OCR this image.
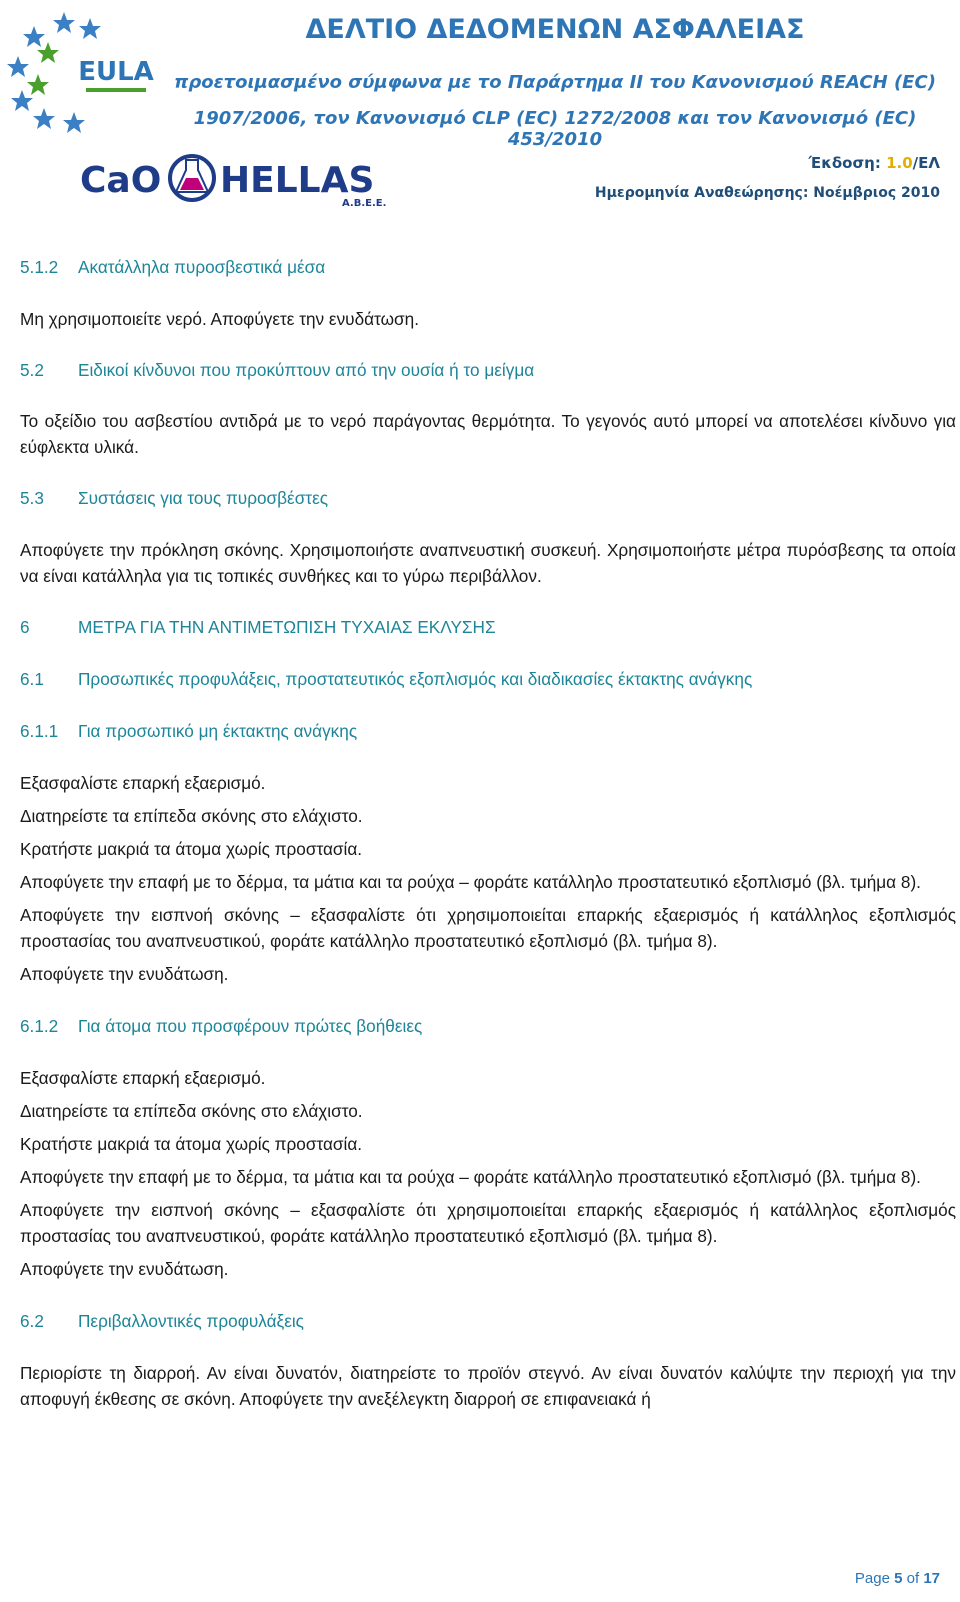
EULA
ΔΕΛΤΙΟ ΔΕΔΟΜΕΝΩΝ ΑΣΦΑΛΕΙΑΣ
προετοιμασμένο σύμφωνα με το Παράρτημα II του Κανονισμού REACH (EC)
1907/2006, τον Κανονισμό CLP (EC) 1272/2008 και τον Κανονισμό (EC) 453/2010
CaO HELLAS
A.B.E.E.
Έκδοση: 1.0/ΕΛ
Ημερομηνία Αναθεώρησης: Νοέμβριος 2010

5.1.2 Ακατάλληλα πυροσβεστικά μέσα

Μη χρησιμοποιείτε νερό. Αποφύγετε την ενυδάτωση.

5.2 Ειδικοί κίνδυνοι που προκύπτουν από την ουσία ή το μείγμα

Το οξείδιο του ασβεστίου αντιδρά με το νερό παράγοντας θερμότητα. Το γεγονός αυτό μπορεί να αποτελέσει κίνδυνο για εύφλεκτα υλικά.

5.3 Συστάσεις για τους πυροσβέστες

Αποφύγετε την πρόκληση σκόνης. Χρησιμοποιήστε αναπνευστική συσκευή. Χρησιμοποιήστε μέτρα πυρόσβεσης τα οποία να είναι κατάλληλα για τις τοπικές συνθήκες και το γύρω περιβάλλον.

6	ΜΕΤΡΑ ΓΙΑ ΤΗΝ ΑΝΤΙΜΕΤΩΠΙΣΗ ΤΥΧΑΙΑΣ ΕΚΛΥΣΗΣ

6.1 Προσωπικές προφυλάξεις, προστατευτικός εξοπλισμός και διαδικασίες έκτακτης ανάγκης

6.1.1 Για προσωπικό μη έκτακτης ανάγκης

Εξασφαλίστε επαρκή εξαερισμό.

Διατηρείστε τα επίπεδα σκόνης στο ελάχιστο.

Κρατήστε μακριά τα άτομα χωρίς προστασία.

Αποφύγετε την επαφή με το δέρμα, τα μάτια και τα ρούχα – φοράτε κατάλληλο προστατευτικό εξοπλισμό (βλ. τμήμα 8).

Αποφύγετε την εισπνοή σκόνης – εξασφαλίστε ότι χρησιμοποιείται επαρκής εξαερισμός ή κατάλληλος εξοπλισμός προστασίας του αναπνευστικού, φοράτε κατάλληλο προστατευτικό εξοπλισμό (βλ. τμήμα 8).

Αποφύγετε την ενυδάτωση.

6.1.2 Για άτομα που προσφέρουν πρώτες βοήθειες

Εξασφαλίστε επαρκή εξαερισμό.

Διατηρείστε τα επίπεδα σκόνης στο ελάχιστο.

Κρατήστε μακριά τα άτομα χωρίς προστασία.

Αποφύγετε την επαφή με το δέρμα, τα μάτια και τα ρούχα – φοράτε κατάλληλο προστατευτικό εξοπλισμό (βλ. τμήμα 8).

Αποφύγετε την εισπνοή σκόνης – εξασφαλίστε ότι χρησιμοποιείται επαρκής εξαερισμός ή κατάλληλος εξοπλισμός προστασίας του αναπνευστικού, φοράτε κατάλληλο προστατευτικό εξοπλισμό (βλ. τμήμα 8).

Αποφύγετε την ενυδάτωση.

6.2 Περιβαλλοντικές προφυλάξεις

Περιορίστε τη διαρροή. Αν είναι δυνατόν, διατηρείστε το προϊόν στεγνό. Αν είναι δυνατόν καλύψτε την περιοχή για την αποφυγή έκθεσης σε σκόνη. Αποφύγετε την ανεξέλεγκτη διαρροή σε επιφανειακά ή

Page 5 of 17
